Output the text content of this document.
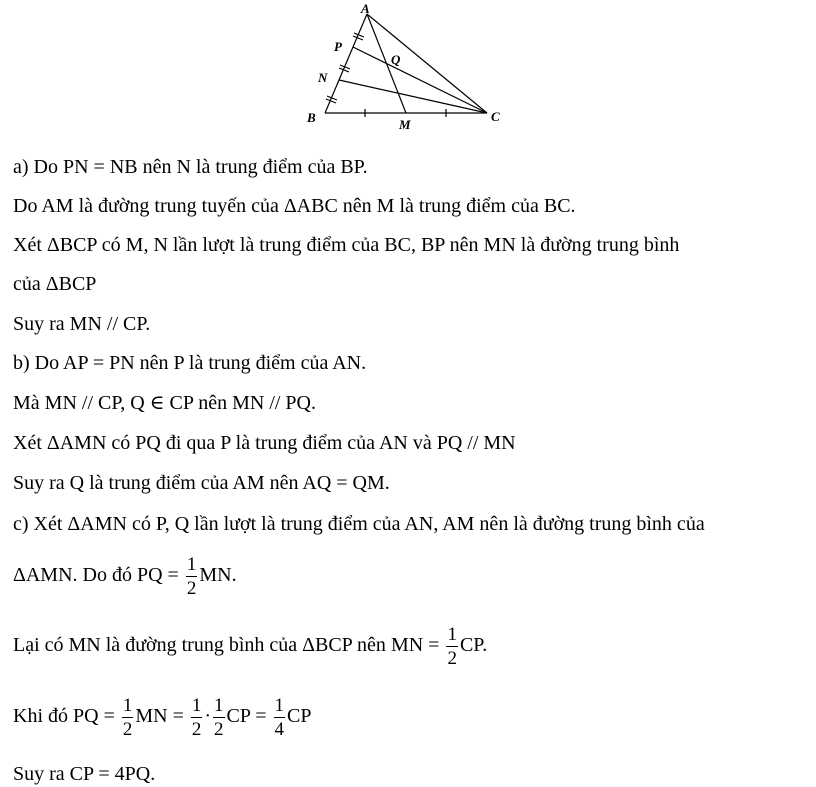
A
P
Q
N
B	M
C
a) Do PN = NB nên N là trung điểm của BP.
Do AM là đường trung tuyến của ΔABC nên M là trung điểm của BC.
Xét ΔBCP có M, N lần lượt là trung điểm của BC, BP nên MN là đường trung bình
của ΔBCP
Suy ra MN // CP.
b) Do AP = PN nên P là trung điểm của AN.
Mà MN // CP, Q ∈ CP nên MN // PQ.
Xét ΔAMN có PQ đi qua P là trung điểm của AN và PQ // MN
Suy ra Q là trung điểm của AM nên AQ = QM.
c) Xét ΔAMN có P, Q lần lượt là trung điểm của AN, AM nên là đường trung bình của
ΔAMN. Do đó PQ = $\frac{1}{2}$ MN.
Lại có MN là đường trung bình của ΔBCP nên MN = $\frac{1}{2}$ CP.
Khi đó PQ = $\frac{1}{2}$ MN = $\frac{1}{2} \cdot \frac{1}{2}$ CP = $\frac{1}{4}$ CP
Suy ra CP = 4PQ.
